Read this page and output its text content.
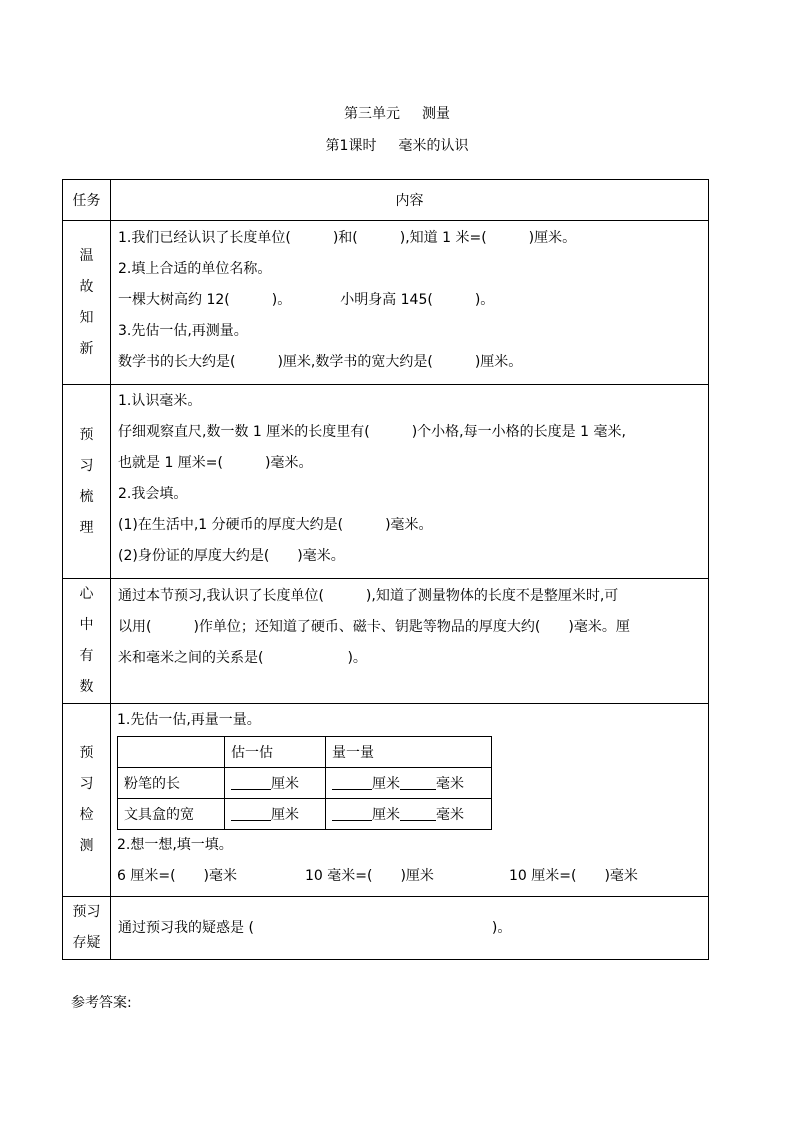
第三单元 测量
第1课时 毫米的认识
任务	内容

温
故
知
新

1.我们已经认识了长度单位(　　　)和(　　　),知道 1 米=(　　　)厘米。
2.填上合适的单位名称。
一棵大树高约 12(　　　)。　　　　小明身高 145(　　　)。
3.先估一估,再测量。
数学书的长大约是(　　　)厘米,数学书的宽大约是(　　　)厘米。

预
习
梳
理

1.认识毫米。
仔细观察直尺,数一数 1 厘米的长度里有(　　　)个小格,每一小格的长度是 1 毫米,
也就是 1 厘米=(　　　)毫米。
2.我会填。
(1)在生活中,1 分硬币的厚度大约是(　　　)毫米。
(2)身份证的厚度大约是(　　)毫米。

心
中
有
数

通过本节预习,我认识了长度单位(　　　),知道了测量物体的长度不是整厘米时,可
以用(　　　)作单位；还知道了硬币、磁卡、钥匙等物品的厚度大约(　　)毫米。厘
米和毫米之间的关系是(　　　　　　)。

预
习
检
测

1.先估一估,再量一量。
	估一估	量一量
粉笔的长	厘米	厘米	毫米
文具盒的宽	厘米	厘米	毫米
2.想一想,填一填。
6 厘米=(　　)毫米	10 毫米=(　　)厘米	10 厘米=(　　)毫米

预习
存疑

通过预习我的疑惑是 (　　　　　　　　　　　　　　　　　)。
参考答案:
